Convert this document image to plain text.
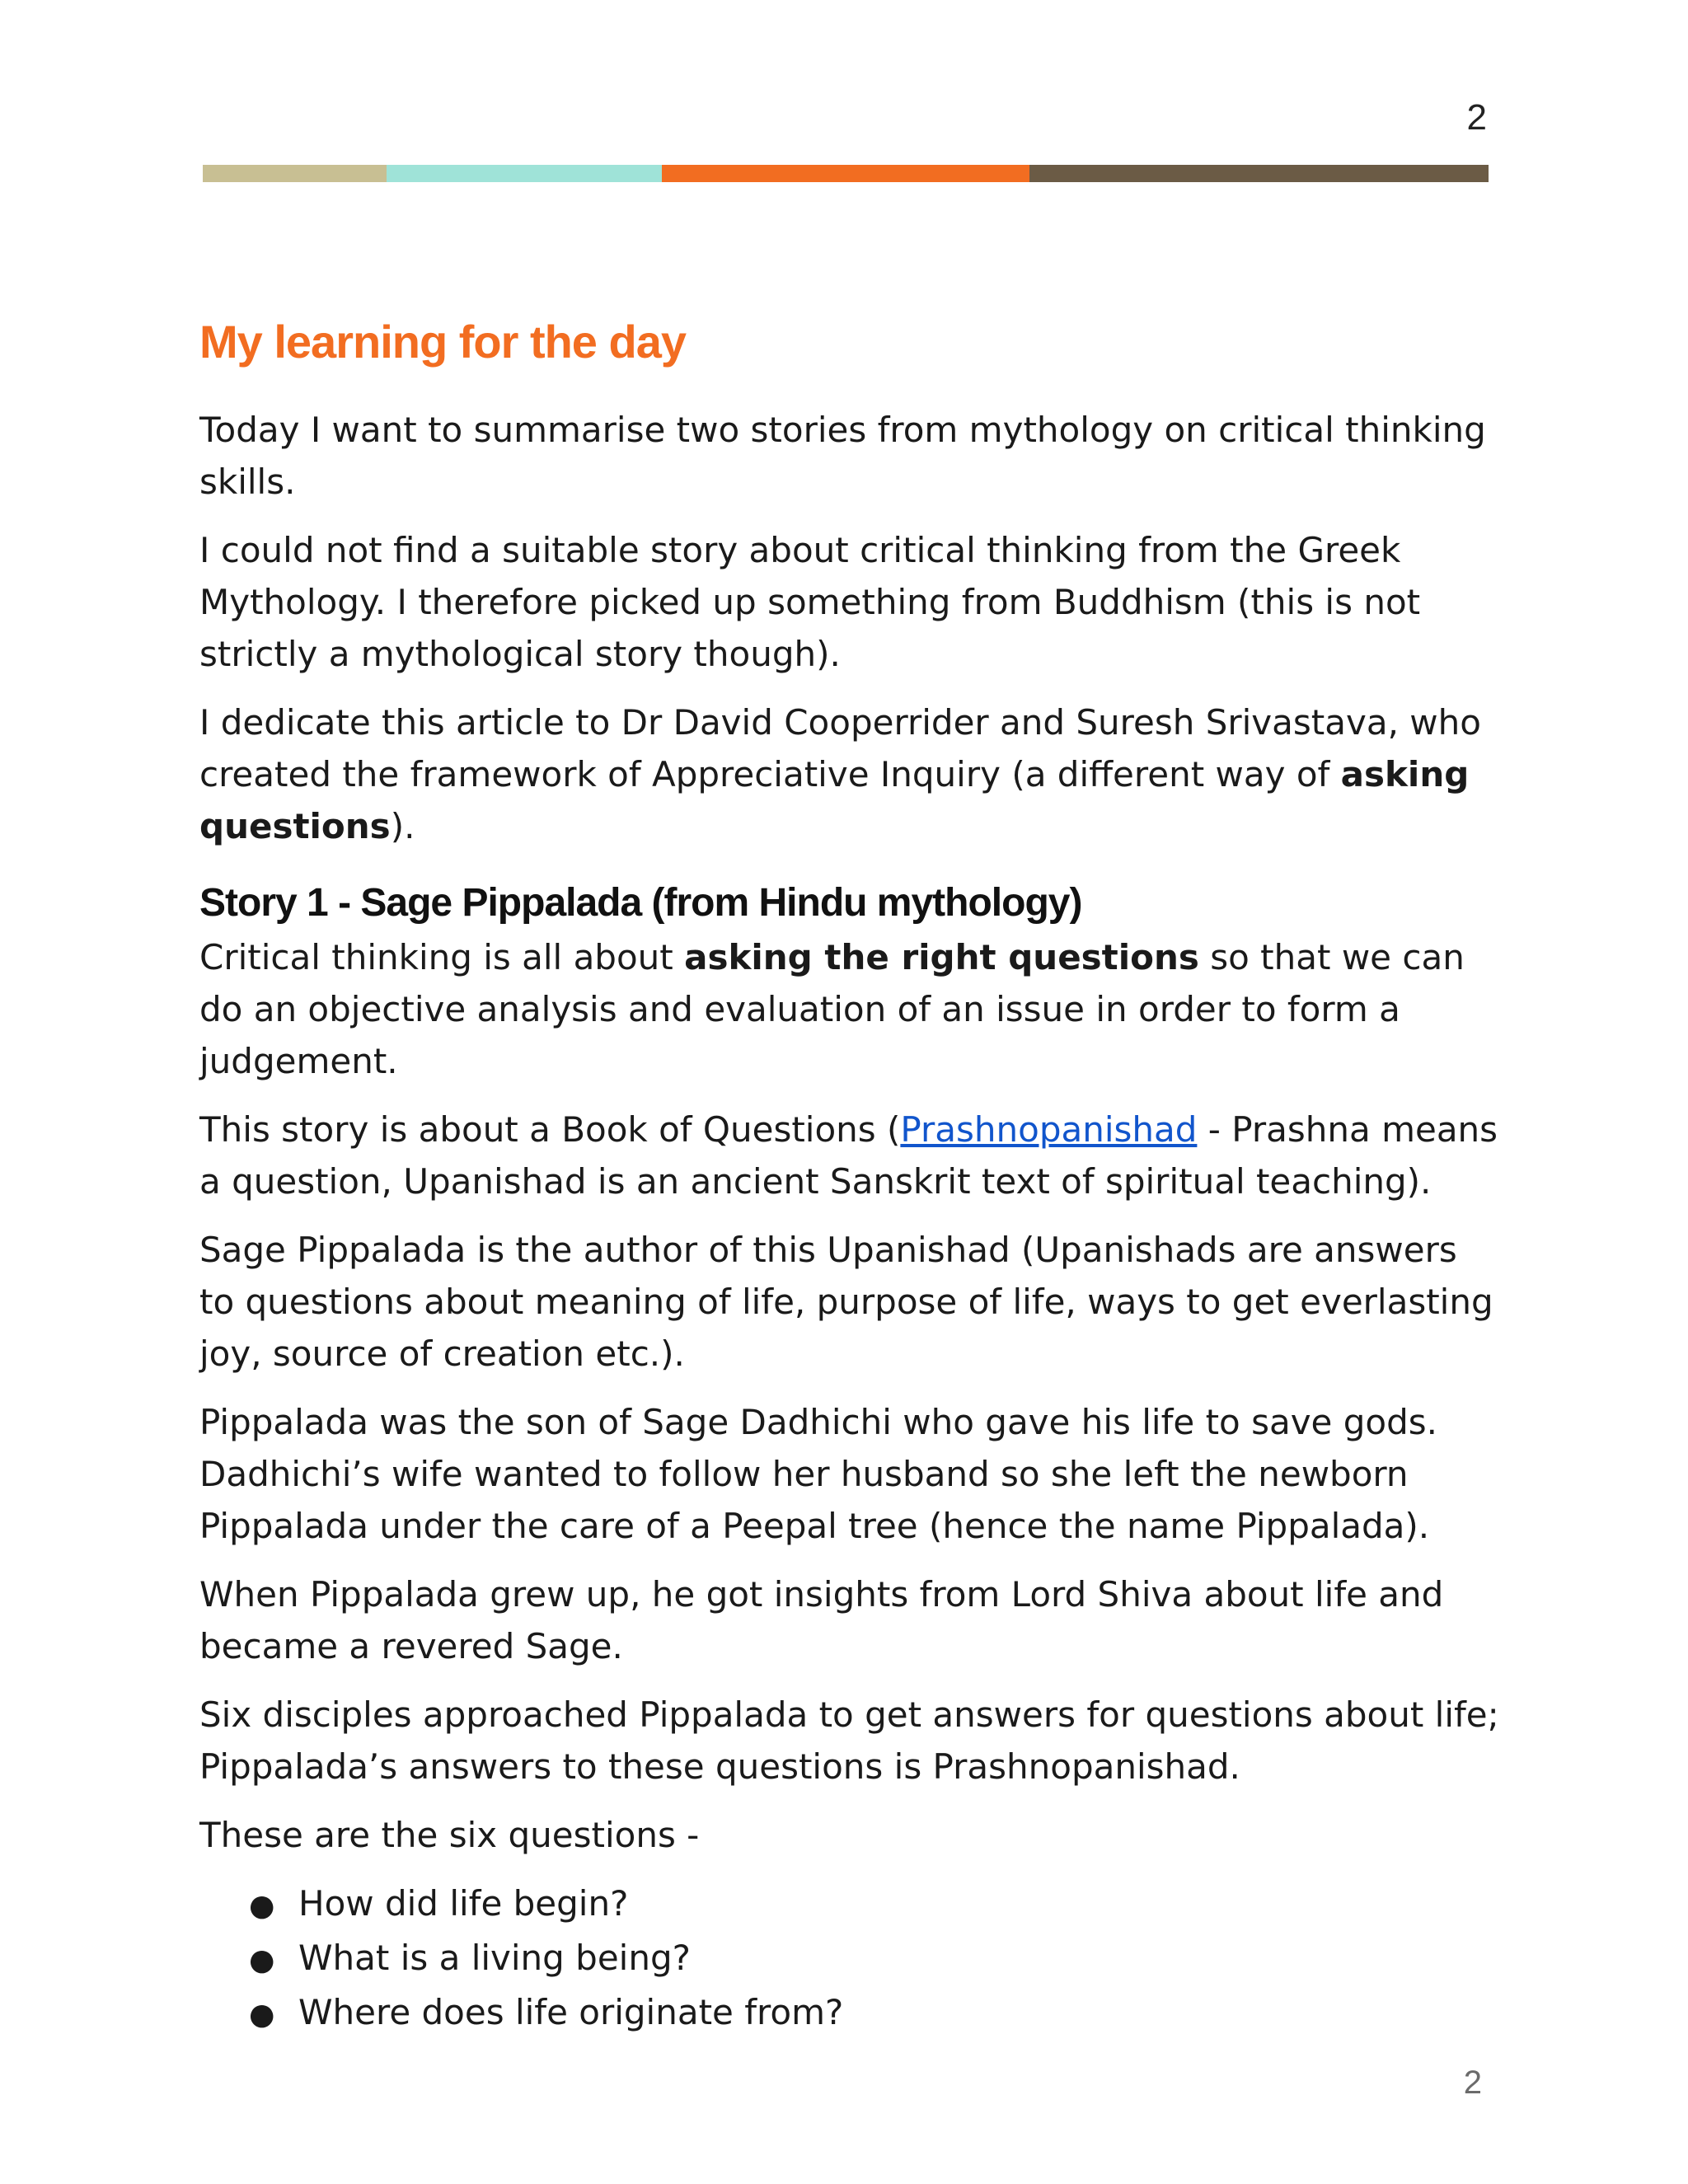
2
My learning for the day

Today I want to summarise two stories from mythology on critical thinking skills.

I could not find a suitable story about critical thinking from the Greek Mythology. I therefore picked up something from Buddhism (this is not strictly a mythological story though).

I dedicate this article to Dr David Cooperrider and Suresh Srivastava, who created the framework of Appreciative Inquiry (a different way of asking questions).

Story 1 - Sage Pippalada (from Hindu mythology)

Critical thinking is all about asking the right questions so that we can do an objective analysis and evaluation of an issue in order to form a judgement.

This story is about a Book of Questions (Prashnopanishad - Prashna means a question, Upanishad is an ancient Sanskrit text of spiritual teaching).

Sage Pippalada is the author of this Upanishad (Upanishads are answers to questions about meaning of life, purpose of life, ways to get everlasting joy, source of creation etc.).

Pippalada was the son of Sage Dadhichi who gave his life to save gods. Dadhichi’s wife wanted to follow her husband so she left the newborn Pippalada under the care of a Peepal tree (hence the name Pippalada).

When Pippalada grew up, he got insights from Lord Shiva about life and became a revered Sage.

Six disciples approached Pippalada to get answers for questions about life; Pippalada’s answers to these questions is Prashnopanishad.

These are the six questions -

● How did life begin?
● What is a living being?
● Where does life originate from?
2
